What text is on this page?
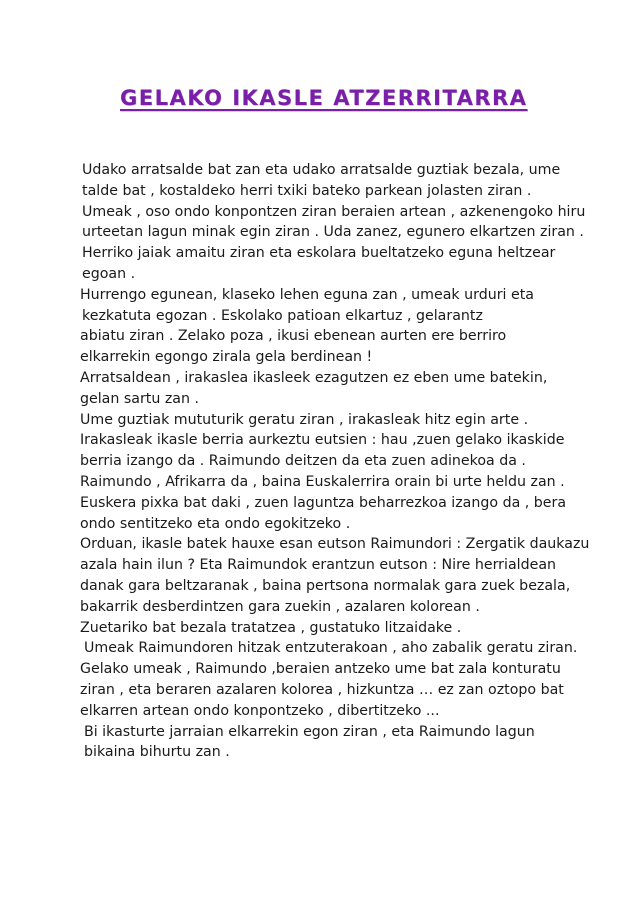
GELAKO IKASLE ATZERRITARRA
Udako arratsalde bat zan eta udako arratsalde guztiak bezala, ume
talde bat , kostaldeko herri txiki bateko parkean jolasten ziran .
Umeak , oso ondo konpontzen ziran beraien artean , azkenengoko hiru
urteetan lagun minak egin ziran . Uda zanez, egunero elkartzen ziran .
Herriko jaiak amaitu ziran eta eskolara bueltatzeko eguna heltzear
egoan .
Hurrengo egunean, klaseko lehen eguna zan , umeak urduri eta
kezkatuta egozan . Eskolako patioan elkartuz , gelarantz
abiatu ziran . Zelako poza , ikusi ebenean aurten ere berriro
elkarrekin egongo zirala gela berdinean !
Arratsaldean , irakaslea ikasleek ezagutzen ez eben ume batekin,
gelan sartu zan .
Ume guztiak mututurik geratu ziran , irakasleak hitz egin arte .
Irakasleak ikasle berria aurkeztu eutsien : hau ,zuen gelako ikaskide
berria izango da . Raimundo deitzen da eta zuen adinekoa da .
Raimundo , Afrikarra da , baina Euskalerrira orain bi urte heldu zan .
Euskera pixka bat daki , zuen laguntza beharrezkoa izango da , bera
ondo sentitzeko eta ondo egokitzeko .
Orduan, ikasle batek hauxe esan eutson Raimundori : Zergatik daukazu
azala hain ilun ? Eta Raimundok erantzun eutson : Nire herrialdean
danak gara beltzaranak , baina pertsona normalak gara zuek bezala,
bakarrik desberdintzen gara zuekin , azalaren kolorean .
Zuetariko bat bezala tratatzea , gustatuko litzaidake .
Umeak Raimundoren hitzak entzuterakoan , aho zabalik geratu ziran.
Gelako umeak , Raimundo ,beraien antzeko ume bat zala konturatu
ziran , eta beraren azalaren kolorea , hizkuntza … ez zan oztopo bat
elkarren artean ondo konpontzeko , dibertitzeko ...
Bi ikasturte jarraian elkarrekin egon ziran , eta Raimundo lagun
bikaina bihurtu zan .
